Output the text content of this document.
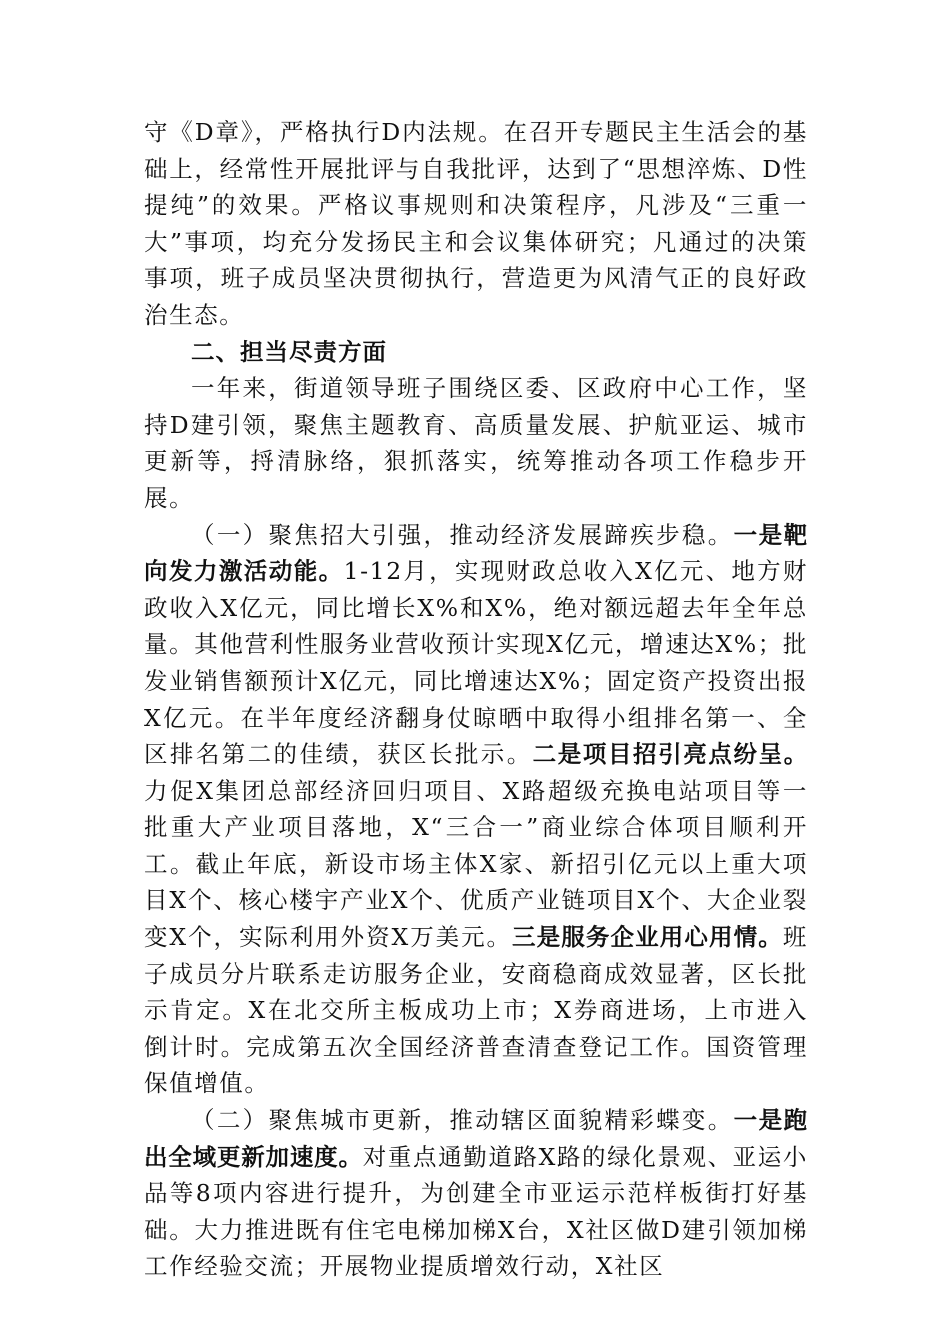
守《D章》，严格执行D内法规。在召开专题民主生活会的基础上，经常性开展批评与自我批评，达到了“思想淬炼、D性提纯”的效果。严格议事规则和决策程序，凡涉及“三重一大”事项，均充分发扬民主和会议集体研究；凡通过的决策事项，班子成员坚决贯彻执行，营造更为风清气正的良好政治生态。

二、担当尽责方面

一年来，街道领导班子围绕区委、区政府中心工作，坚持D建引领，聚焦主题教育、高质量发展、护航亚运、城市更新等，捋清脉络，狠抓落实，统筹推动各项工作稳步开展。

（一）聚焦招大引强，推动经济发展蹄疾步稳。一是靶向发力激活动能。1-12月，实现财政总收入X亿元、地方财政收入X亿元，同比增长X%和X%，绝对额远超去年全年总量。其他营利性服务业营收预计实现X亿元，增速达X%；批发业销售额预计X亿元，同比增速达X%；固定资产投资出报X亿元。在半年度经济翻身仗晾晒中取得小组排名第一、全区排名第二的佳绩，获区长批示。二是项目招引亮点纷呈。力促X集团总部经济回归项目、X路超级充换电站项目等一批重大产业项目落地，X“三合一”商业综合体项目顺利开工。截止年底，新设市场主体X家、新招引亿元以上重大项目X个、核心楼宇产业X个、优质产业链项目X个、大企业裂变X个，实际利用外资X万美元。三是服务企业用心用情。班子成员分片联系走访服务企业，安商稳商成效显著，区长批示肯定。X在北交所主板成功上市；X券商进场，上市进入倒计时。完成第五次全国经济普查清查登记工作。国资管理保值增值。

（二）聚焦城市更新，推动辖区面貌精彩蝶变。一是跑出全域更新加速度。对重点通勤道路X路的绿化景观、亚运小品等8项内容进行提升，为创建全市亚运示范样板街打好基础。大力推进既有住宅电梯加梯X台，X社区做D建引领加梯工作经验交流；开展物业提质增效行动，X社区
